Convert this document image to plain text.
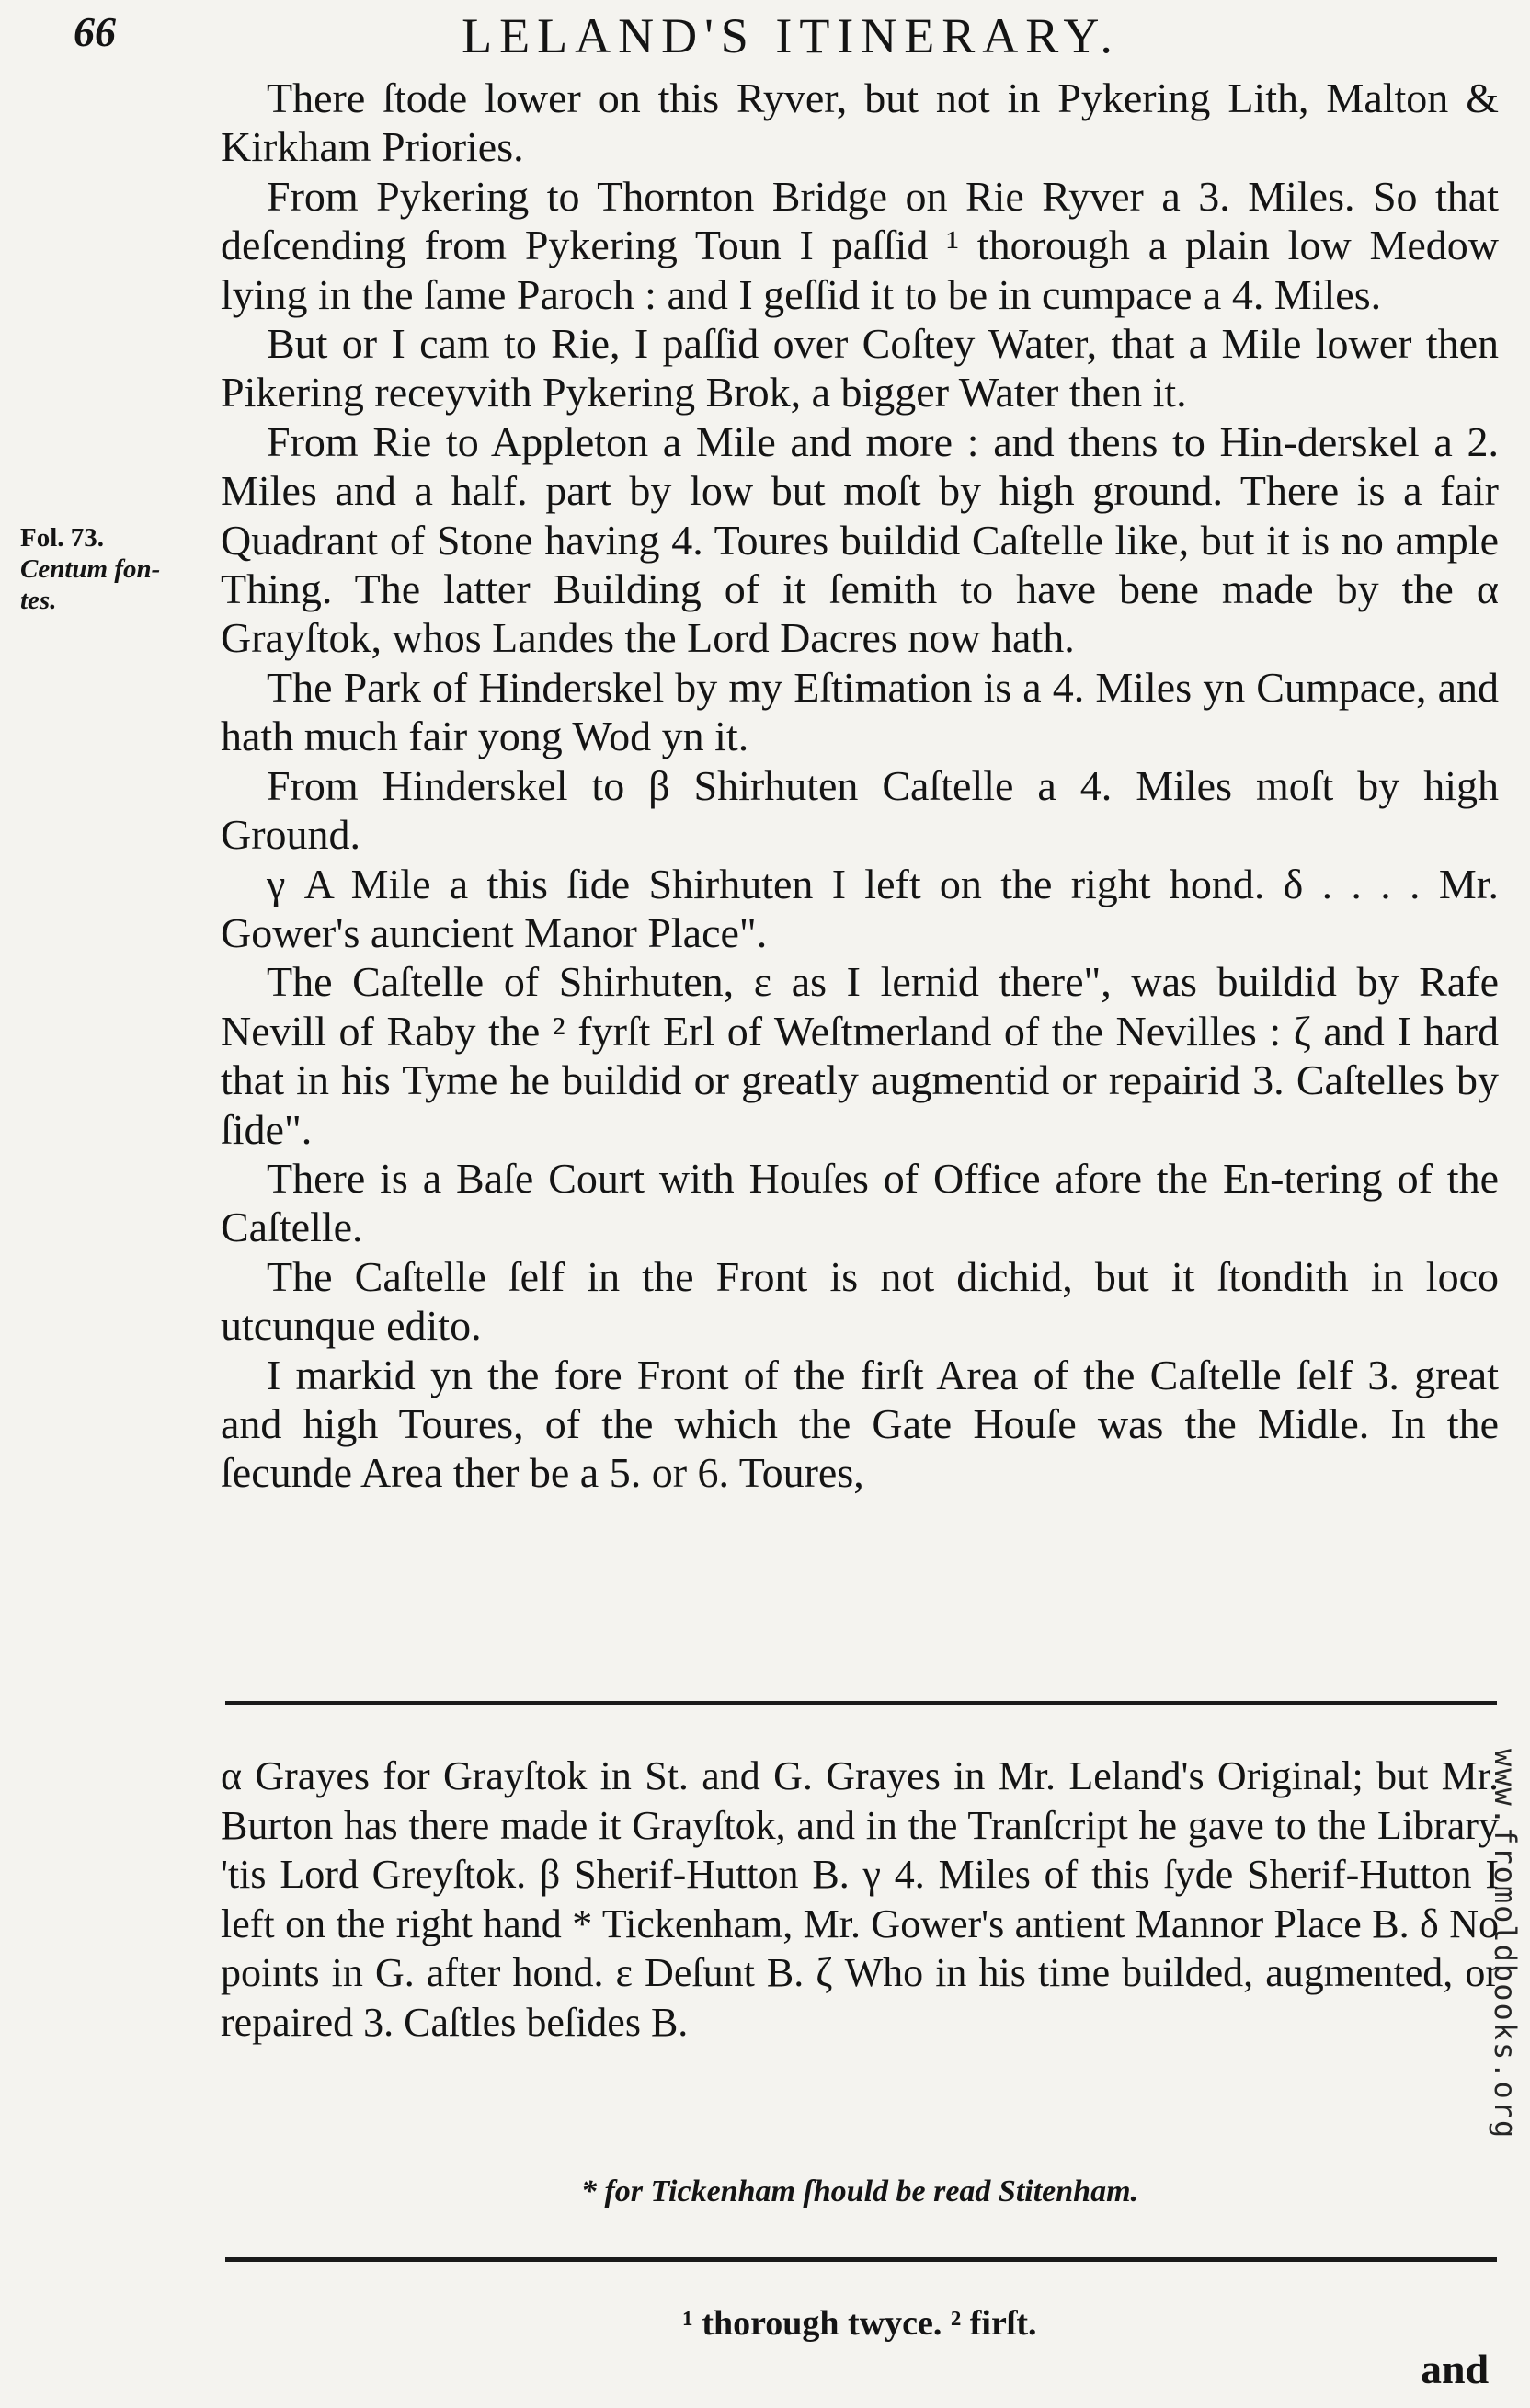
66	LELAND'S ITINERARY.
Fol. 73.
Centum fon-
tes.

There ſtode lower on this Ryver, but not in Pykering Lith, Malton & Kirkham Priories.

From Pykering to Thornton Bridge on Rie Ryver a 3. Miles. So that deſcending from Pykering Toun I paſſid ¹ thorough a plain low Medow lying in the ſame Paroch : and I geſſid it to be in cumpace a 4. Miles.

But or I cam to Rie, I paſſid over Coſtey Water, that a Mile lower then Pikering receyvith Pykering Brok, a bigger Water then it.

From Rie to Appleton a Mile and more : and thens to Hin-derskel a 2. Miles and a half. part by low but moſt by high ground. There is a fair Quadrant of Stone having 4. Toures buildid Caſtelle like, but it is no ample Thing. The latter Building of it ſemith to have bene made by the α Grayſtok, whos Landes the Lord Dacres now hath.

The Park of Hinderskel by my Eſtimation is a 4. Miles yn Cumpace, and hath much fair yong Wod yn it.

From Hinderskel to β Shirhuten Caſtelle a 4. Miles moſt by high Ground.

γ A Mile a this ſide Shirhuten I left on the right hond. δ . . . . Mr. Gower's auncient Manor Place".

The Caſtelle of Shirhuten, ε as I lernid there", was buildid by Rafe Nevill of Raby the ² fyrſt Erl of Weſtmerland of the Nevilles : ζ and I hard that in his Tyme he buildid or greatly augmentid or repairid 3. Caſtelles by ſide".

There is a Baſe Court with Houſes of Office afore the En-tering of the Caſtelle.

The Caſtelle ſelf in the Front is not dichid, but it ſtondith in loco utcunque edito.

I markid yn the fore Front of the firſt Area of the Caſtelle ſelf 3. great and high Toures, of the which the Gate Houſe was the Midle. In the ſecunde Area ther be a 5. or 6. Toures,

α Grayes for Grayſtok in St. and G. Grayes in Mr. Leland's Original; but Mr. Burton has there made it Grayſtok, and in the Tranſcript he gave to the Library 'tis Lord Greyſtok. β Sherif-Hutton B. γ 4. Miles of this ſyde Sherif-Hutton I left on the right hand * Tickenham, Mr. Gower's antient Mannor Place B. δ No points in G. after hond. ε Deſunt B. ζ Who in his time builded, augmented, or repaired 3. Caſtles beſides B.

* for Tickenham ſhould be read Stitenham.
¹ thorough twyce. ² firſt.
and
www.fromoldbooks.org
